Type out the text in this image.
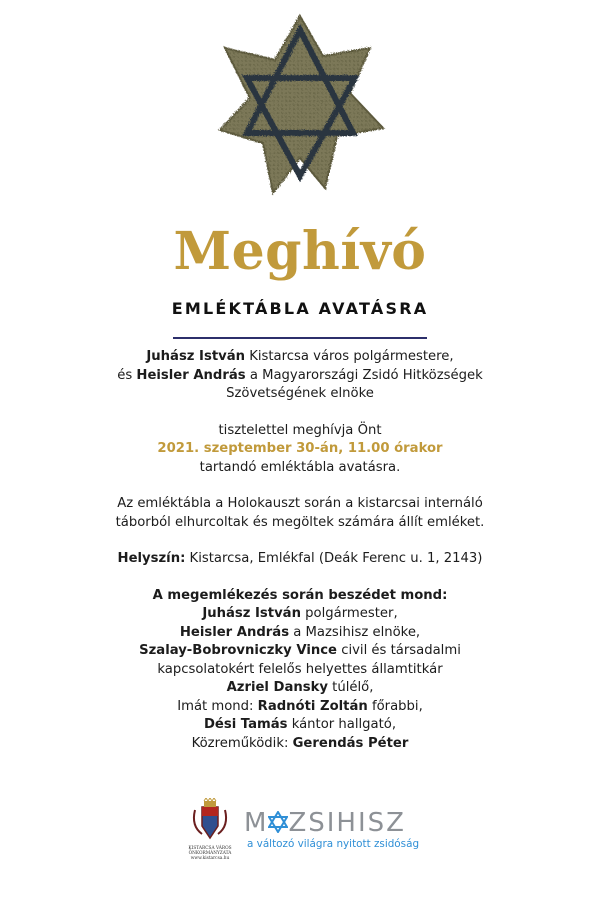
Meghívó
EMLÉKTÁBLA AVATÁSRA

Juhász István Kistarcsa város polgármestere,

és Heisler András a Magyarországi Zsidó Hitközségek

Szövetségének elnöke

tisztelettel meghívja Önt

2021. szeptember 30-án, 11.00 órakor

tartandó emléktábla avatásra.

Az emléktábla a Holokauszt során a kistarcsai internáló

táborból elhurcoltak és megöltek számára állít emléket.

Helyszín: Kistarcsa, Emlékfal (Deák Ferenc u. 1, 2143)

A megemlékezés során beszédet mond:

Juhász István polgármester,

Heisler András a Mazsihisz elnöke,

Szalay-Bobrovniczky Vince civil és társadalmi

kapcsolatokért felelős helyettes államtitkár

Azriel Dansky túlélő,

Imát mond: Radnóti Zoltán főrabbi,

Dési Tamás kántor hallgató,

Közreműködik: Gerendás Péter

KISTARCSA VÁROS
ÖNKORMÁNYZATA
www.kistarcsa.hu
M ZSIHISZ
a változó világra nyitott zsidóság
